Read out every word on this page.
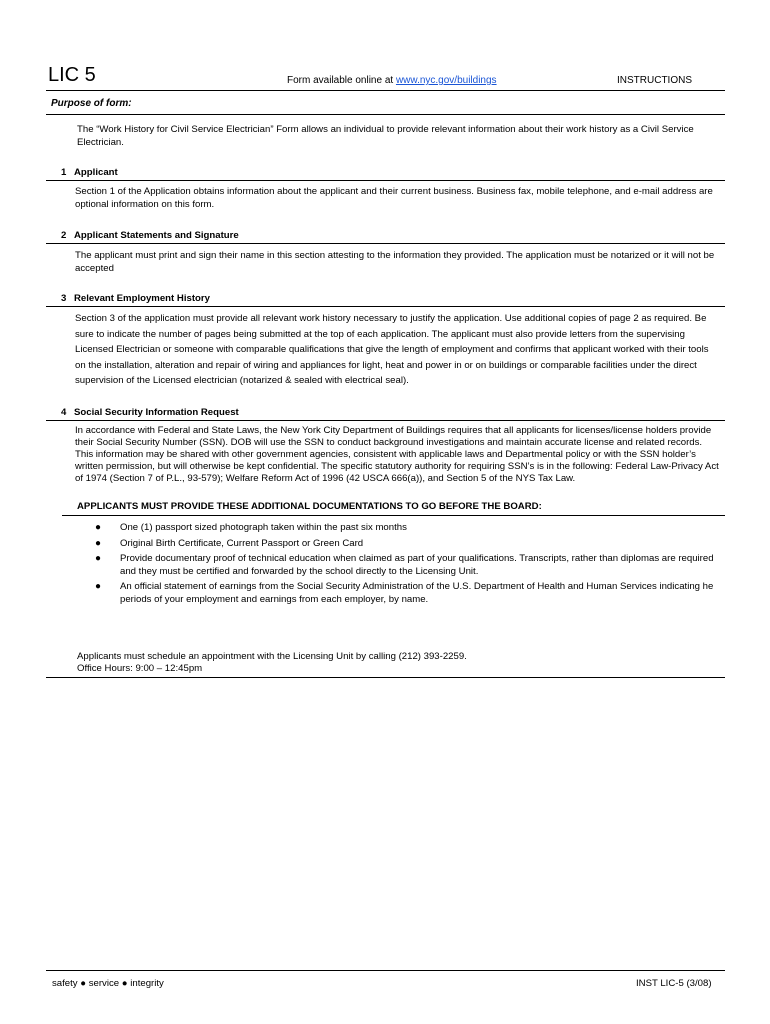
LIC 5	Form available online at www.nyc.gov/buildings	INSTRUCTIONS
Purpose of form:
The “Work History for Civil Service Electrician” Form allows an individual to provide relevant information about their work history as a Civil Service Electrician.
1 Applicant
Section 1 of the Application obtains information about the applicant and their current business. Business fax, mobile telephone, and e-mail address are optional information on this form.
2 Applicant Statements and Signature
The applicant must print and sign their name in this section attesting to the information they provided. The application must be notarized or it will not be accepted
3 Relevant Employment History
Section 3 of the application must provide all relevant work history necessary to justify the application. Use additional copies of page 2 as required. Be sure to indicate the number of pages being submitted at the top of each application. The applicant must also provide letters from the supervising Licensed Electrician or someone with comparable qualifications that give the length of employment and confirms that applicant worked with their tools on the installation, alteration and repair of wiring and appliances for light, heat and power in or on buildings or comparable facilities under the direct supervision of the Licensed electrician (notarized & sealed with electrical seal).
4 Social Security Information Request
In accordance with Federal and State Laws, the New York City Department of Buildings requires that all applicants for licenses/license holders provide their Social Security Number (SSN). DOB will use the SSN to conduct background investigations and maintain accurate license and related records. This information may be shared with other government agencies, consistent with applicable laws and Departmental policy or with the SSN holder’s written permission, but will otherwise be kept confidential. The specific statutory authority for requiring SSN’s is in the following: Federal Law-Privacy Act of 1974 (Section 7 of P.L., 93-579); Welfare Reform Act of 1996 (42 USCA 666(a)), and Section 5 of the NYS Tax Law.
APPLICANTS MUST PROVIDE THESE ADDITIONAL DOCUMENTATIONS TO GO BEFORE THE BOARD:
● One (1) passport sized photograph taken within the past six months
● Original Birth Certificate, Current Passport or Green Card
● Provide documentary proof of technical education when claimed as part of your qualifications. Transcripts, rather than diplomas are required and they must be certified and forwarded by the school directly to the Licensing Unit.
● An official statement of earnings from the Social Security Administration of the U.S. Department of Health and Human Services indicating he periods of your employment and earnings from each employer, by name.
Applicants must schedule an appointment with the Licensing Unit by calling (212) 393-2259.
Office Hours: 9:00 – 12:45pm
safety ● service ● integrity	INST LIC-5 (3/08)
